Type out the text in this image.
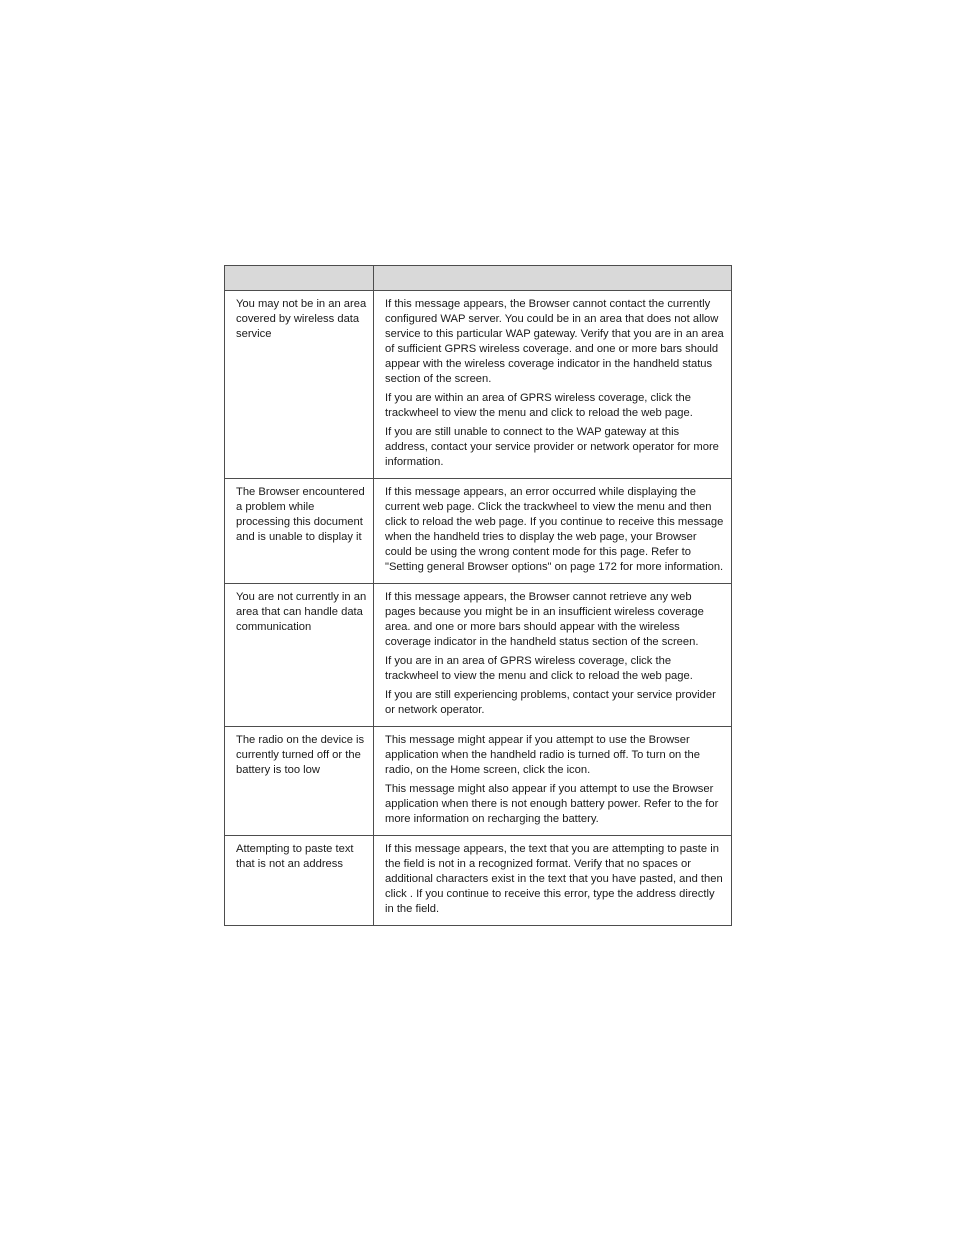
You may not be in an area covered by wireless data service	If this message appears, the Browser cannot contact the currently configured WAP server. You could be in an area that does not allow service to this particular WAP gateway. Verify that you are in an area of sufficient GPRS wireless coverage. and one or more bars should appear with the wireless coverage indicator in the handheld status section of the screen.

If you are within an area of GPRS wireless coverage, click the trackwheel to view the menu and click to reload the web page.

If you are still unable to connect to the WAP gateway at this address, contact your service provider or network operator for more information.

The Browser encountered a problem while processing this document and is unable to display it	If this message appears, an error occurred while displaying the current web page. Click the trackwheel to view the menu and then click to reload the web page. If you continue to receive this message when the handheld tries to display the web page, your Browser could be using the wrong content mode for this page. Refer to "Setting general Browser options" on page 172 for more information.

You are not currently in an area that can handle data communication	If this message appears, the Browser cannot retrieve any web pages because you might be in an insufficient wireless coverage area. and one or more bars should appear with the wireless coverage indicator in the handheld status section of the screen.

If you are in an area of GPRS wireless coverage, click the trackwheel to view the menu and click to reload the web page.

If you are still experiencing problems, contact your service provider or network operator.

The radio on the device is currently turned off or the battery is too low	This message might appear if you attempt to use the Browser application when the handheld radio is turned off. To turn on the radio, on the Home screen, click the icon.

This message might also appear if you attempt to use the Browser application when there is not enough battery power. Refer to the for more information on recharging the battery.

Attempting to paste text that is not an address	If this message appears, the text that you are attempting to paste in the field is not in a recognized format. Verify that no spaces or additional characters exist in the text that you have pasted, and then click . If you continue to receive this error, type the address directly in the field.
